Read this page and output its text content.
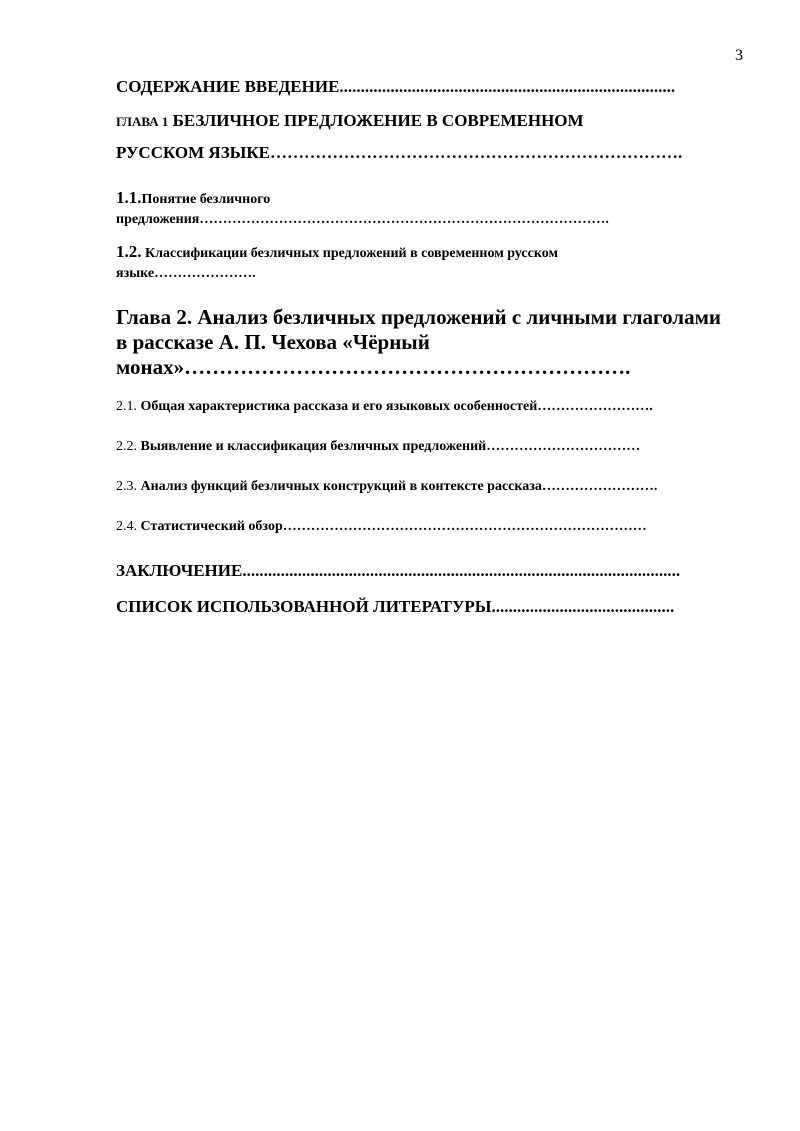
3
СОДЕРЖАНИЕ ВВЕДЕНИЕ...............................................................................
ГЛАВА 1 БЕЗЛИЧНОЕ ПРЕДЛОЖЕНИЕ В СОВРЕМЕННОМ
РУССКОМ ЯЗЫКЕ……………………………………………………………….
1.1.Понятие безличного
предложения…………………………………………………………………………….
1.2. Классификации безличных предложений в современном русском
языке………………….
Глава 2. Анализ безличных предложений с личными глаголами
в рассказе А. П. Чехова «Чёрный
монах»……………………………………………………….
2.1. Общая характеристика рассказа и его языковых особенностей…………………….
2.2. Выявление и классификация безличных предложений……………………………
2.3. Анализ функций безличных конструкций в контексте рассказа…………………….
2.4. Статистический обзор……………………………………………………………………
ЗАКЛЮЧЕНИЕ.......................................................................................................
СПИСОК ИСПОЛЬЗОВАННОЙ ЛИТЕРАТУРЫ...........................................
